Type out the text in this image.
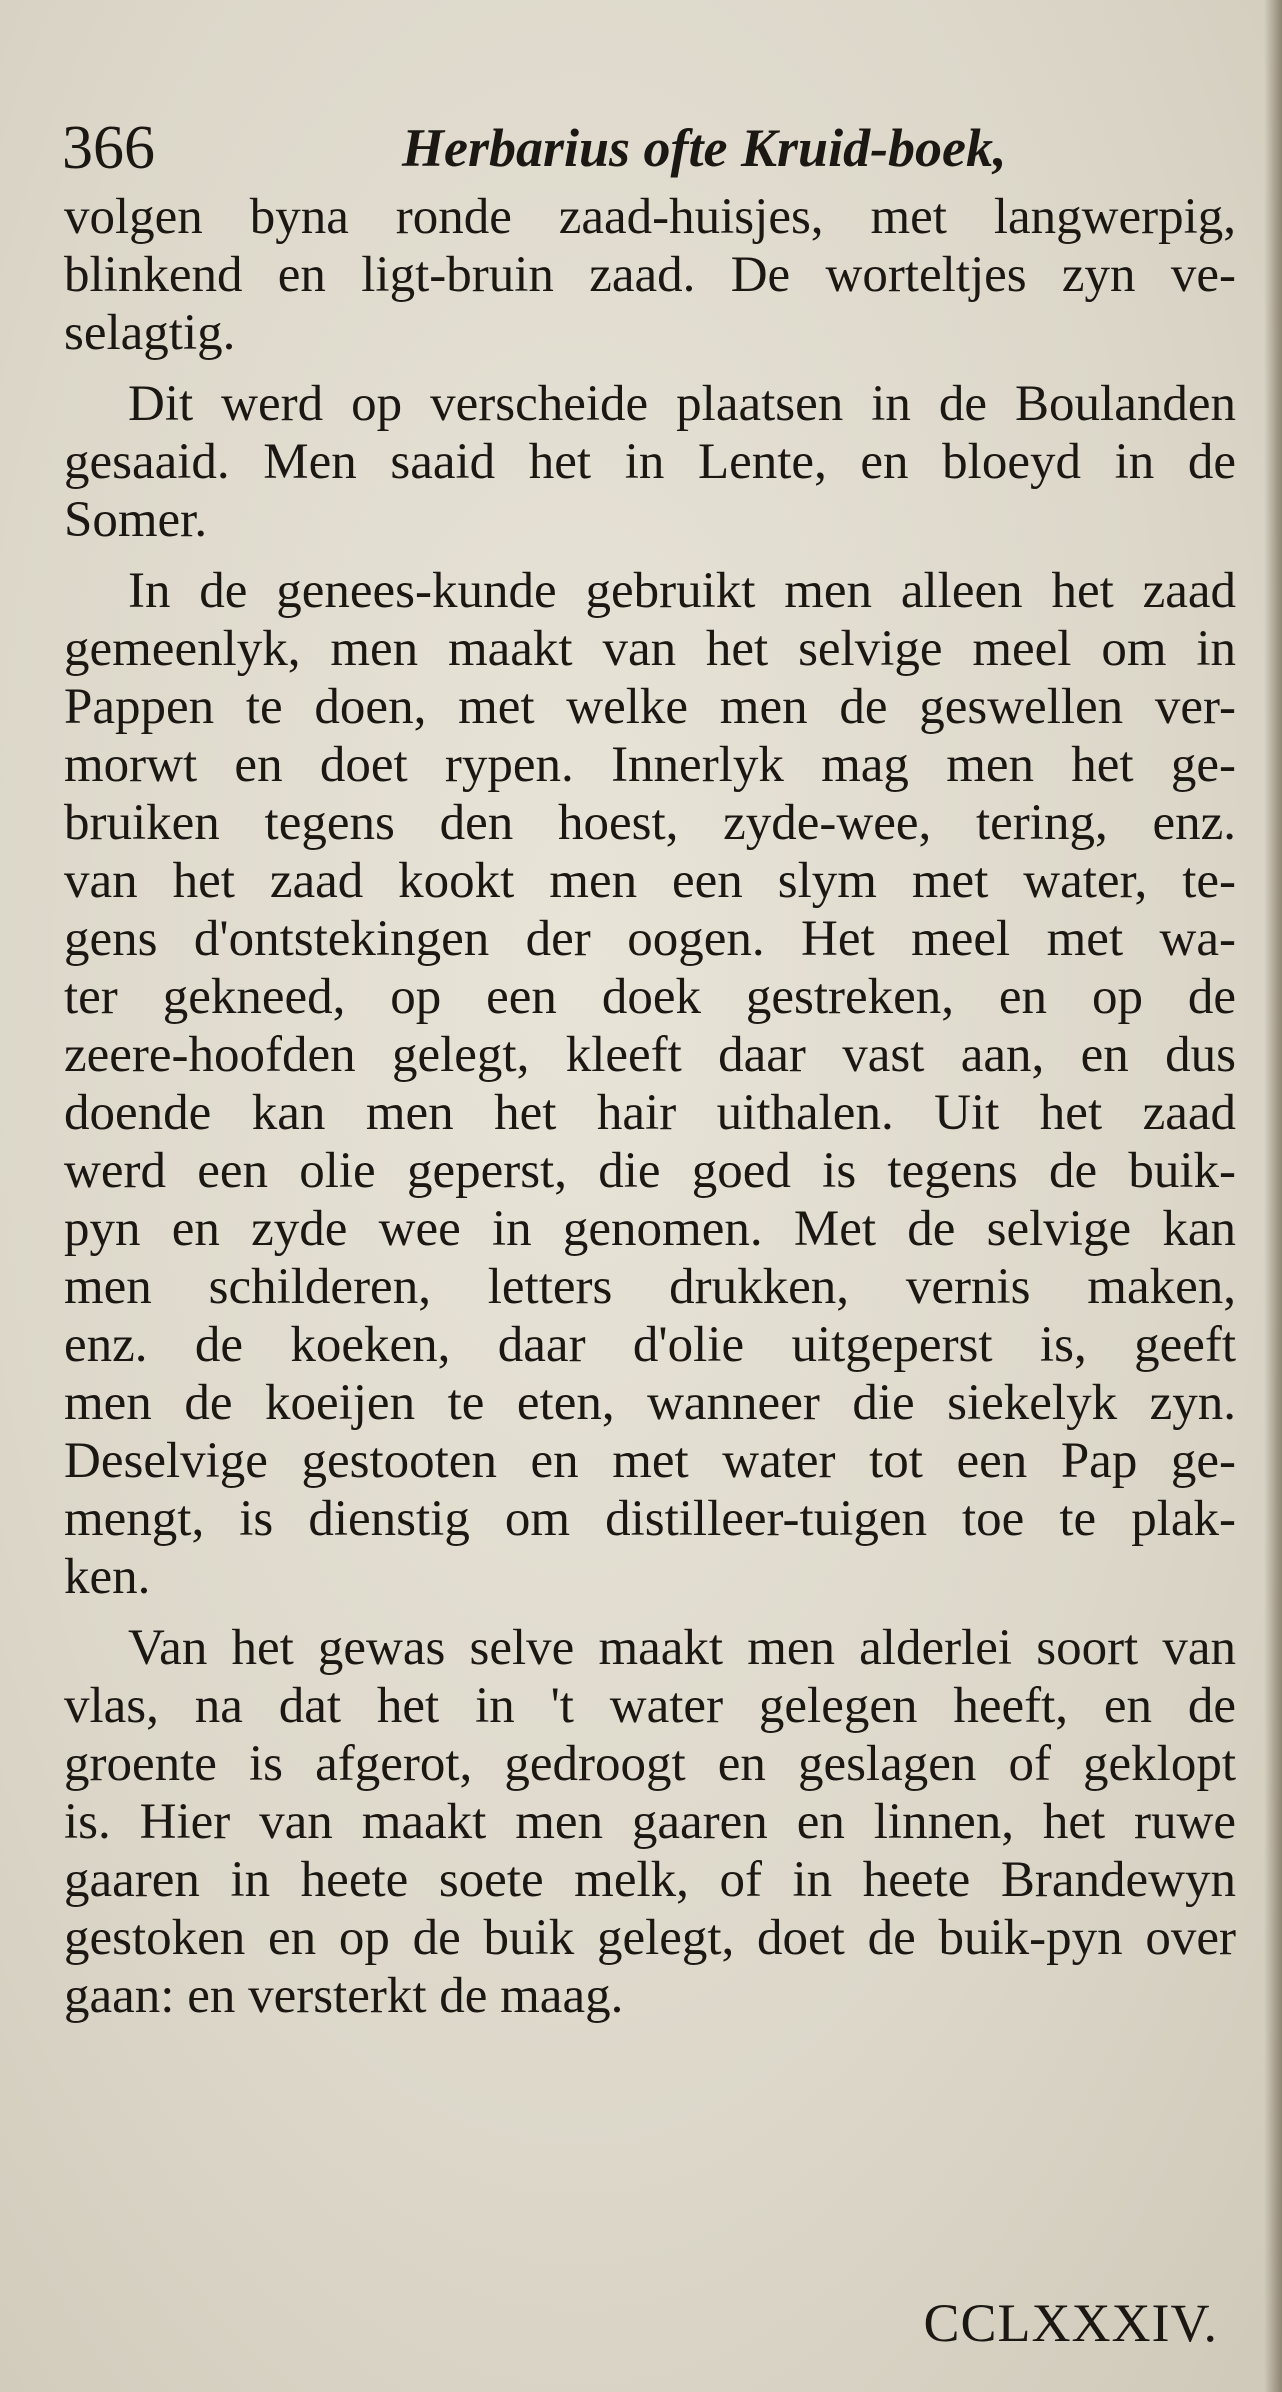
366	Herbarius ofte Kruid-boek,
volgen byna ronde zaad-huisjes, met langwerpig,
blinkend en ligt-bruin zaad. De worteltjes zyn ve-
selagtig.
Dit werd op verscheide plaatsen in de Boulanden
gesaaid. Men saaid het in Lente, en bloeyd in de
Somer.
In de genees-kunde gebruikt men alleen het zaad
gemeenlyk, men maakt van het selvige meel om in
Pappen te doen, met welke men de geswellen ver-
morwt en doet rypen. Innerlyk mag men het ge-
bruiken tegens den hoest, zyde-wee, tering, enz.
van het zaad kookt men een slym met water, te-
gens d'ontstekingen der oogen. Het meel met wa-
ter gekneed, op een doek gestreken, en op de
zeere-hoofden gelegt, kleeft daar vast aan, en dus
doende kan men het hair uithalen. Uit het zaad
werd een olie geperst, die goed is tegens de buik-
pyn en zyde wee in genomen. Met de selvige kan
men schilderen, letters drukken, vernis maken,
enz. de koeken, daar d'olie uitgeperst is, geeft
men de koeijen te eten, wanneer die siekelyk zyn.
Deselvige gestooten en met water tot een Pap ge-
mengt, is dienstig om distilleer-tuigen toe te plak-
ken.
Van het gewas selve maakt men alderlei soort van
vlas, na dat het in 't water gelegen heeft, en de
groente is afgerot, gedroogt en geslagen of geklopt
is. Hier van maakt men gaaren en linnen, het ruwe
gaaren in heete soete melk, of in heete Brandewyn
gestoken en op de buik gelegt, doet de buik-pyn over
gaan: en versterkt de maag.
CCLXXXIV.
